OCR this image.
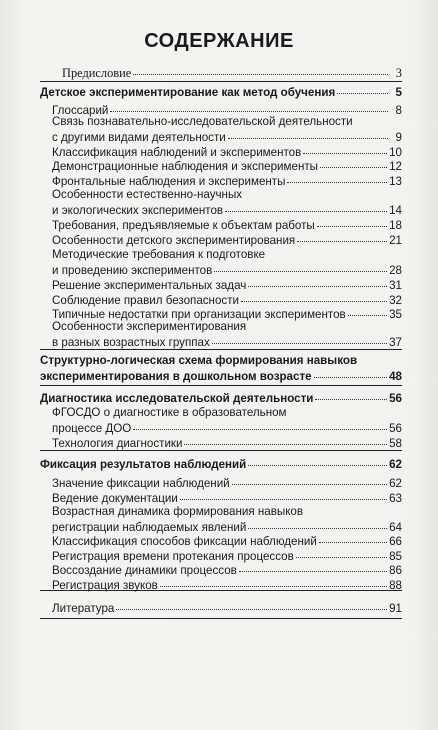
СОДЕРЖАНИЕ
Предисловие	3
Детское экспериментирование как метод обучения	5
Глоссарий	8
Связь познавательно-исследовательской деятельности
с другими видами деятельности	9
Классификация наблюдений и экспериментов	10
Демонстрационные наблюдения и эксперименты	12
Фронтальные наблюдения и эксперименты	13
Особенности естественно-научных
и экологических экспериментов	14
Требования, предъявляемые к объектам работы	18
Особенности детского экспериментирования	21
Методические требования к подготовке
и проведению экспериментов	28
Решение экспериментальных задач	31
Соблюдение правил безопасности	32
Типичные недостатки при организации экспериментов	35
Особенности экспериментирования
в разных возрастных группах	37
Структурно-логическая схема формирования навыков
экспериментирования в дошкольном возрасте	48
Диагностика исследовательской деятельности	56
ФГОСДО о диагностике в образовательном
процессе ДОО	56
Технология диагностики	58
Фиксация результатов наблюдений	62
Значение фиксации наблюдений	62
Ведение документации	63
Возрастная динамика формирования навыков
регистрации наблюдаемых явлений	64
Классификация способов фиксации наблюдений	66
Регистрация времени протекания процессов	85
Воссоздание динамики процессов	86
Регистрация звуков	88
Литература	91
